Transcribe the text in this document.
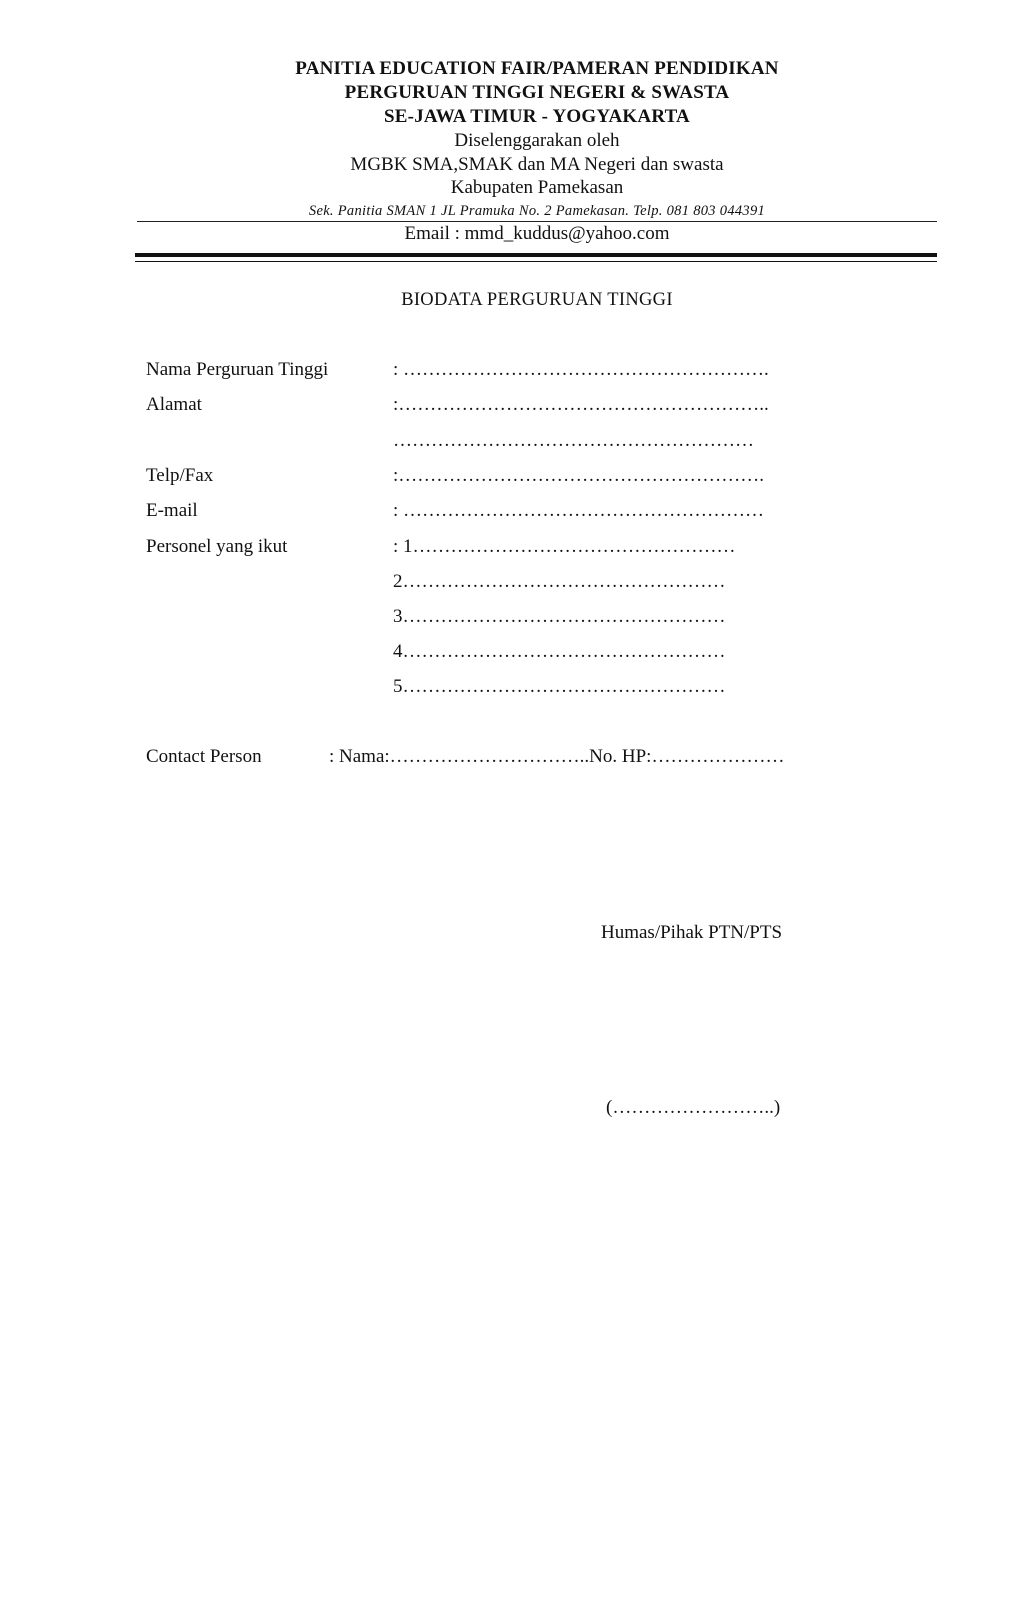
PANITIA EDUCATION FAIR/PAMERAN PENDIDIKAN
PERGURUAN TINGGI NEGERI & SWASTA
SE-JAWA TIMUR - YOGYAKARTA
Diselenggarakan oleh
MGBK SMA,SMAK dan MA Negeri dan swasta
Kabupaten Pamekasan
Sek. Panitia SMAN 1 JL Pramuka No. 2 Pamekasan. Telp. 081 803 044391
Email : mmd_kuddus@yahoo.com
BIODATA PERGURUAN TINGGI
Nama Perguruan Tinggi	: ………………………………………………….
Alamat	:…………………………………………………..
…………………………………………………
Telp/Fax	:………………………………………………….
E-mail	: …………………………………………………
Personel yang ikut	: 1……………………………………………
2……………………………………………
3……………………………………………
4……………………………………………
5……………………………………………
Contact Person	: Nama:…………………………..No. HP:…………………
Humas/Pihak PTN/PTS
(……………………..)
